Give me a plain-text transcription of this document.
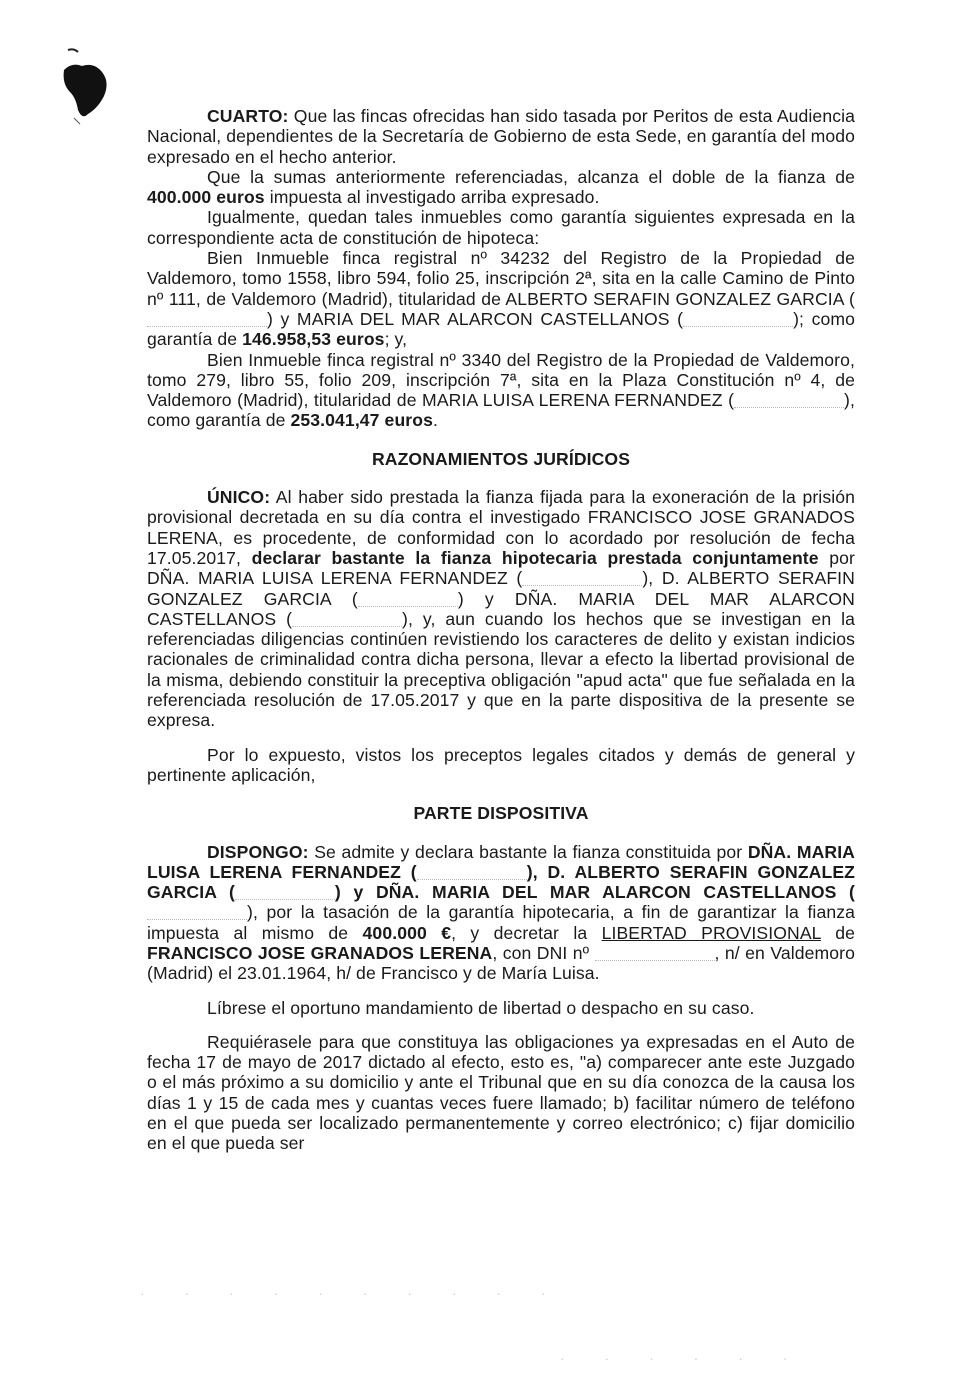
CUARTO: Que las fincas ofrecidas han sido tasada por Peritos de esta Audiencia Nacional, dependientes de la Secretaría de Gobierno de esta Sede, en garantía del modo expresado en el hecho anterior.

Que la sumas anteriormente referenciadas, alcanza el doble de la fianza de 400.000 euros impuesta al investigado arriba expresado.

Igualmente, quedan tales inmuebles como garantía siguientes expresada en la correspondiente acta de constitución de hipoteca:

Bien Inmueble finca registral nº 34232 del Registro de la Propiedad de Valdemoro, tomo 1558, libro 594, folio 25, inscripción 2ª, sita en la calle Camino de Pinto nº 111, de Valdemoro (Madrid), titularidad de ALBERTO SERAFIN GONZALEZ GARCIA () y MARIA DEL MAR ALARCON CASTELLANOS (	); como garantía de 146.958,53 euros; y,

Bien Inmueble finca registral nº 3340 del Registro de la Propiedad de Valdemoro, tomo 279, libro 55, folio 209, inscripción 7ª, sita en la Plaza Constitución nº 4, de Valdemoro (Madrid), titularidad de MARIA LUISA LERENA FERNANDEZ (	), como garantía de 253.041,47 euros.

RAZONAMIENTOS JURÍDICOS

ÚNICO: Al haber sido prestada la fianza fijada para la exoneración de la prisión provisional decretada en su día contra el investigado FRANCISCO JOSE GRANADOS LERENA, es procedente, de conformidad con lo acordado por resolución de fecha 17.05.2017, declarar bastante la fianza hipotecaria prestada conjuntamente por DÑA. MARIA LUISA LERENA FERNANDEZ (	), D. ALBERTO SERAFIN GONZALEZ GARCIA (	) y DÑA. MARIA DEL MAR ALARCON CASTELLANOS (	), y, aun cuando los hechos que se investigan en la referenciadas diligencias continúen revistiendo los caracteres de delito y existan indicios racionales de criminalidad contra dicha persona, llevar a efecto la libertad provisional de la misma, debiendo constituir la preceptiva obligación "apud acta" que fue señalada en la referenciada resolución de 17.05.2017 y que en la parte dispositiva de la presente se expresa.

Por lo expuesto, vistos los preceptos legales citados y demás de general y pertinente aplicación,

PARTE DISPOSITIVA

DISPONGO: Se admite y declara bastante la fianza constituida por DÑA. MARIA LUISA LERENA FERNANDEZ (	), D. ALBERTO SERAFIN GONZALEZ GARCIA (	) y DÑA. MARIA DEL MAR ALARCON CASTELLANOS (), por la tasación de la garantía hipotecaria, a fin de garantizar la fianza impuesta al mismo de 400.000 €, y decretar la LIBERTAD PROVISIONAL de FRANCISCO JOSE GRANADOS LERENA, con DNI nº	, n/ en Valdemoro (Madrid) el 23.01.1964, h/ de Francisco y de María Luisa.

Líbrese el oportuno mandamiento de libertad o despacho en su caso.

Requiérasele para que constituya las obligaciones ya expresadas en el Auto de fecha 17 de mayo de 2017 dictado al efecto, esto es, "a) comparecer ante este Juzgado o el más próximo a su domicilio y ante el Tribunal que en su día conozca de la causa los días 1 y 15 de cada mes y cuantas veces fuere llamado; b) facilitar número de teléfono en el que pueda ser localizado permanentemente y correo electrónico; c) fijar domicilio en el que pueda ser

· · · · · · · · · ·
· · · · · ·
